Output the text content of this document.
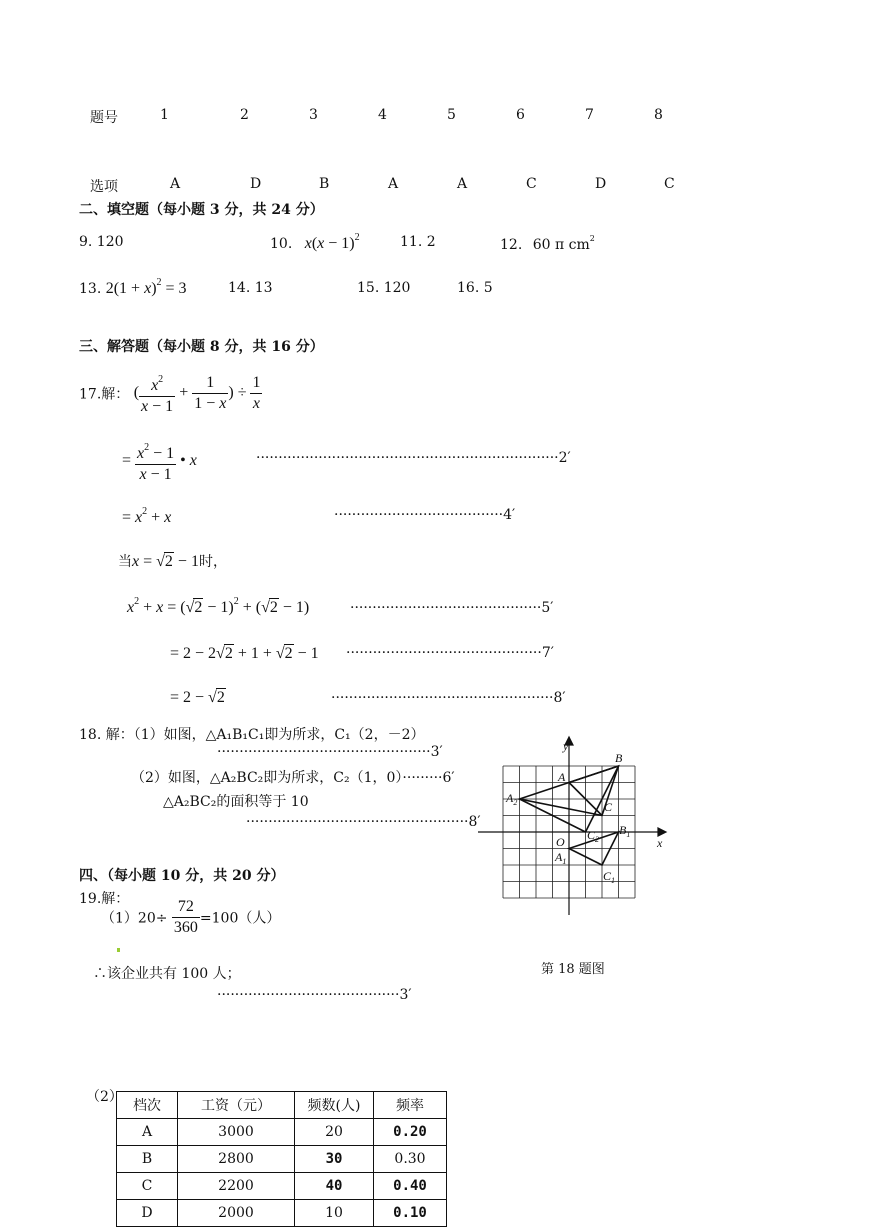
题号	1	2	3	4	5	6	7	8
选项	A	D	B	A	A	C	D	C
二、填空题（每小题 3 分，共 24 分）
9. 120	10. $x(x - 1)^2$	11. 2	12. 60 π $cm^2$
13. $2(1 + x)^2 = 3$	14. 13	15. 120	16. 5
三、解答题（每小题 8 分，共 16 分）
17.解： ( $\frac{x^2}{x - 1} + \frac{1}{1 - x}$ ) ÷ $\frac{1}{x}$
= $\frac{x^2 - 1}{x - 1}$ • x	····································································2′
= $x^2 + x$	······································4′
当x = √2 − 1时，
$x^2 + x = (√2 - 1)^2 + (√2 - 1)$	···········································5′
= 2 − 2√2 + 1 + √2 − 1 ············································7′
= 2 − √2	··················································8′
18. 解：（1）如图，△A₁B₁C₁即为所求，C₁（2，－2）
················································3′
（2）如图，△A₂BC₂即为所求，C₂（1，0）·········6′
△A₂BC₂的面积等于 10
··················································8′
y
x
B
A
C
O
$A_2$
$C_2$
$B_1$
$A_1$
$C_1$
第 18 题图
四、（每小题 10 分，共 20 分）
19.解：
$(1)20\div \frac{72}{360} =100$（人）
∴该企业共有 100 人；
·········································3′
（2）
档次	工资（元）	频数(人)	频率
A	3000	20	0.20
B	2800	30	0.30
C	2200	40	0.40
D	2000	10	0.10
